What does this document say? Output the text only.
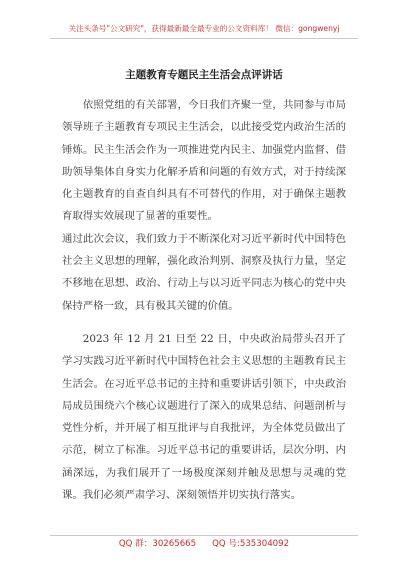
关注头条号"公文研究"，获得最新最全最专业的公文资料库！ 微信：gongwenyj
主题教育专题民主生活会点评讲话

依照党组的有关部署，今日我们齐聚一堂，共同参与市局领导班子主题教育专项民主生活会，以此接受党内政治生活的锤炼。民主生活会作为一项推进党内民主、加强党内监督、借助领导集体自身实力化解矛盾和问题的有效方式，对于持续深化主题教育的自查自纠具有不可替代的作用，对于确保主题教育取得实效展现了显著的重要性。

通过此次会议，我们致力于不断深化对习近平新时代中国特色社会主义思想的理解，强化政治判别、洞察及执行力量，坚定不移地在思想、政治、行动上与以习近平同志为核心的党中央保持严格一致，具有极其关键的价值。

2023 年 12 月 21 日至 22 日，中央政治局带头召开了学习实践习近平新时代中国特色社会主义思想的主题教育民主生活会。在习近平总书记的主持和重要讲话引领下，中央政治局成员围绕六个核心议题进行了深入的成果总结、问题剖析与党性分析，并开展了相互批评与自我批评，为全体党员做出了示范，树立了标准。习近平总书记的重要讲话，层次分明、内涵深远，为我们展开了一场极度深刻并触及思想与灵魂的党课。我们必须严肃学习、深刻领悟并切实执行落实。

QQ 群：30265665 QQ 号:535304092
